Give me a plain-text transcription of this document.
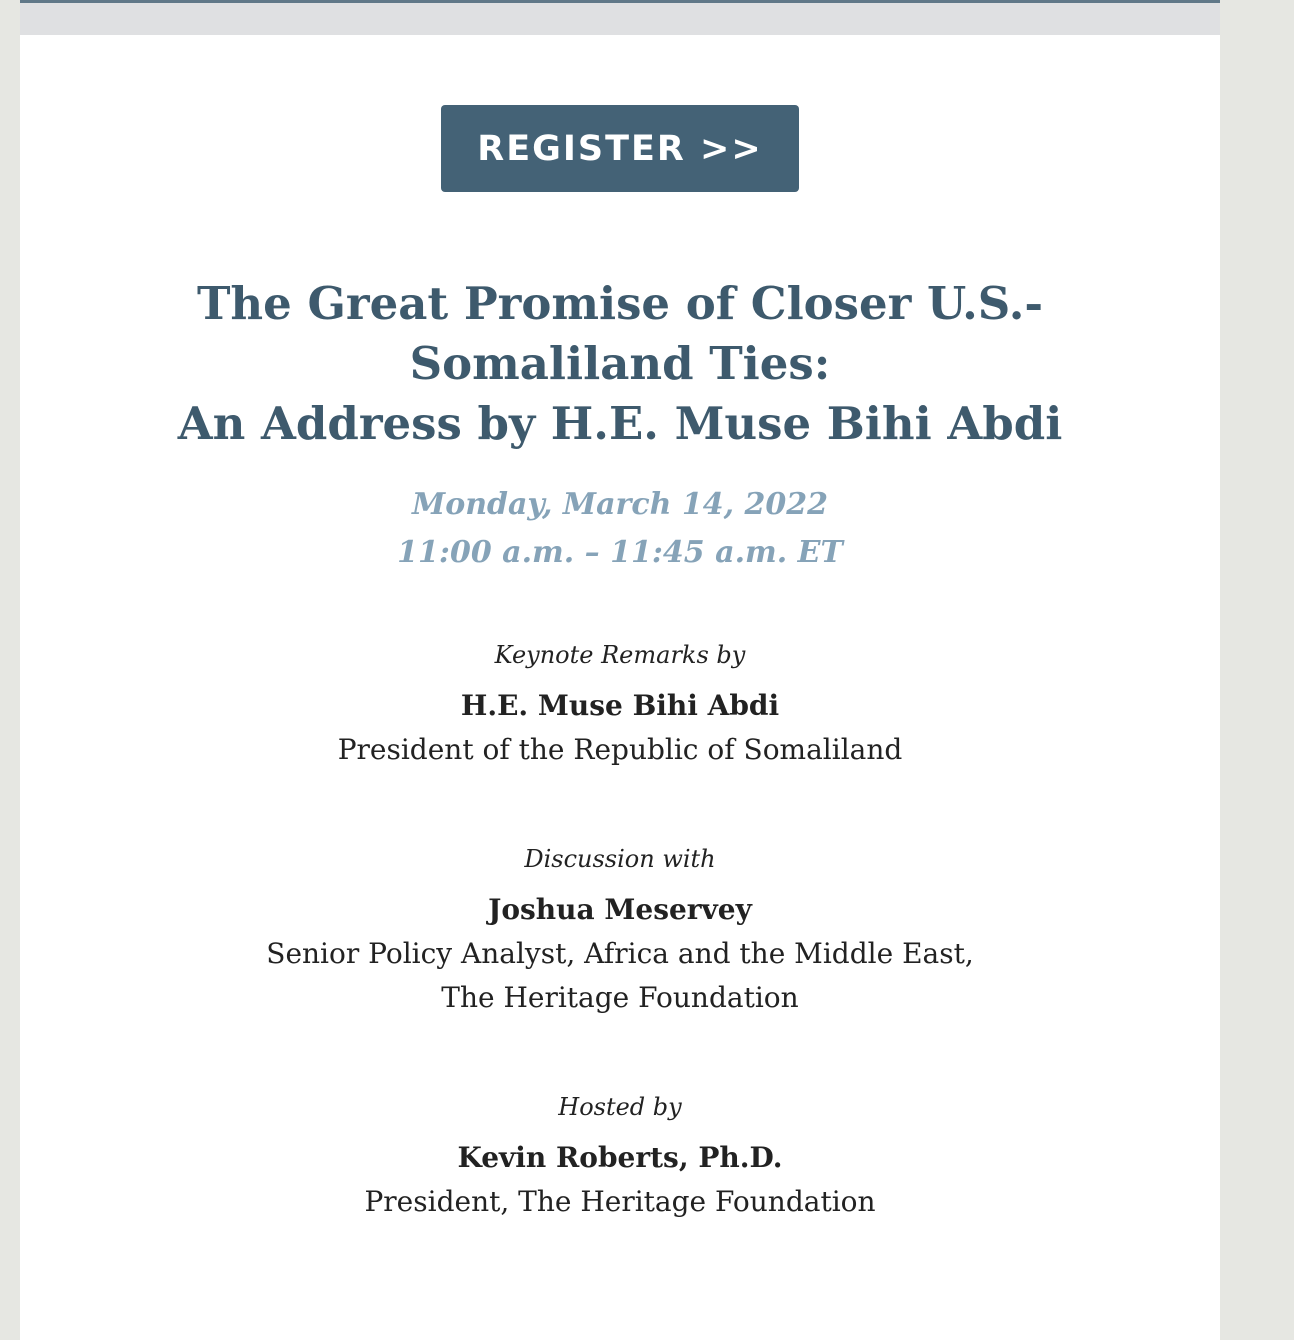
REGISTER >>
The Great Promise of Closer U.S.-
Somaliland Ties:
An Address by H.E. Muse Bihi Abdi
Monday, March 14, 2022
11:00 a.m. – 11:45 a.m. ET
Keynote Remarks by
H.E. Muse Bihi Abdi
President of the Republic of Somaliland
Discussion with
Joshua Meservey
Senior Policy Analyst, Africa and the Middle East,
The Heritage Foundation
Hosted by
Kevin Roberts, Ph.D.
President, The Heritage Foundation
